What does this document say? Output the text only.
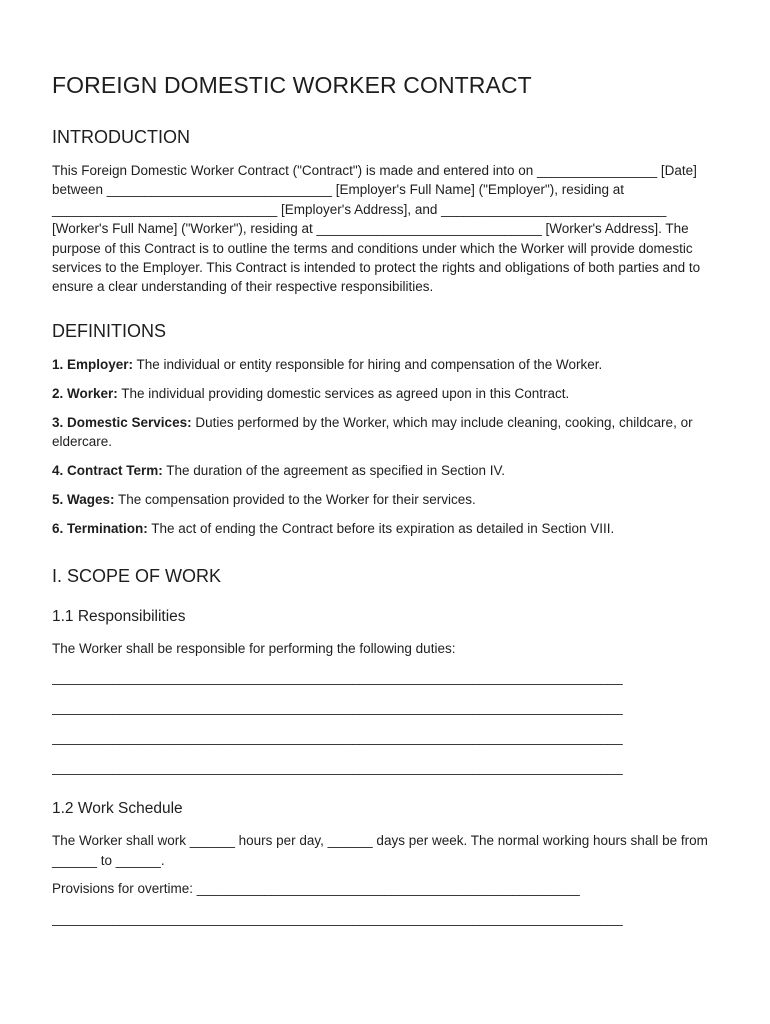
FOREIGN DOMESTIC WORKER CONTRACT
INTRODUCTION

This Foreign Domestic Worker Contract ("Contract") is made and entered into on ________________ [Date] between ______________________________ [Employer's Full Name] ("Employer"), residing at ______________________________ [Employer's Address], and ______________________________ [Worker's Full Name] ("Worker"), residing at ______________________________ [Worker's Address]. The purpose of this Contract is to outline the terms and conditions under which the Worker will provide domestic services to the Employer. This Contract is intended to protect the rights and obligations of both parties and to ensure a clear understanding of their respective responsibilities.

DEFINITIONS

1. Employer: The individual or entity responsible for hiring and compensation of the Worker.

2. Worker: The individual providing domestic services as agreed upon in this Contract.

3. Domestic Services: Duties performed by the Worker, which may include cleaning, cooking, childcare, or eldercare.

4. Contract Term: The duration of the agreement as specified in Section IV.

5. Wages: The compensation provided to the Worker for their services.

6. Termination: The act of ending the Contract before its expiration as detailed in Section VIII.

I. SCOPE OF WORK
1.1 Responsibilities

The Worker shall be responsible for performing the following duties:

____________________________________________________________________________
____________________________________________________________________________
____________________________________________________________________________
____________________________________________________________________________
1.2 Work Schedule

The Worker shall work ______ hours per day, ______ days per week. The normal working hours shall be from ______ to ______.

Provisions for overtime: ___________________________________________________
____________________________________________________________________________
